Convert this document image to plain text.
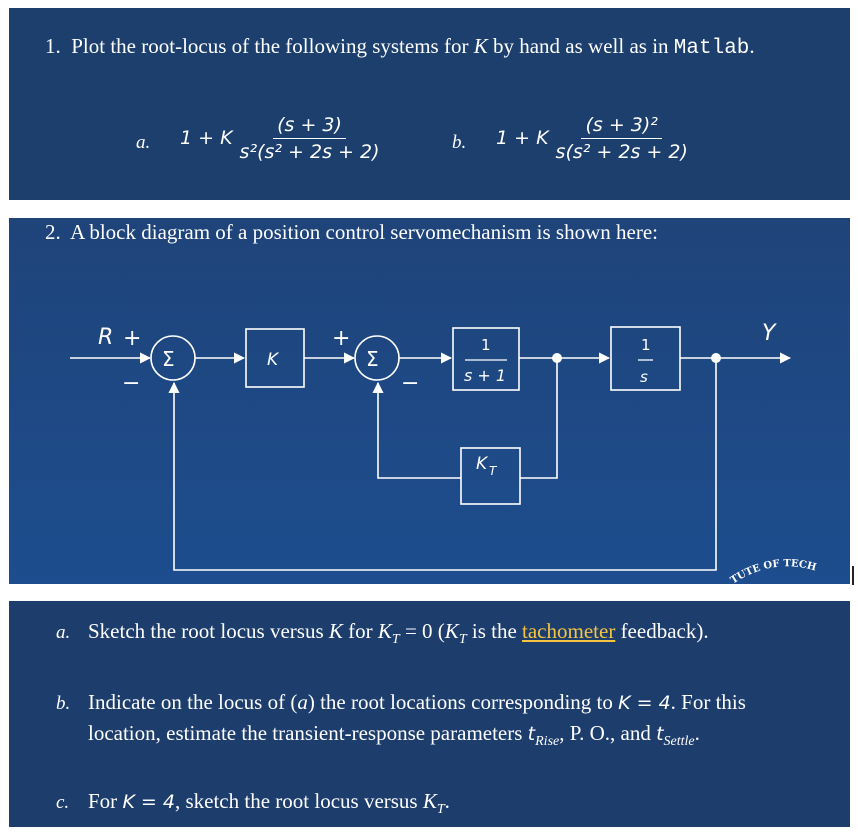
1. Plot the root-locus of the following systems for K by hand as well as in Matlab.
a. 1 + K $\frac{(s + 3)}{\text{s²(s² + 2s + 2)}}$	b. 1 + K $\frac{\text{(s + 3)²}}{\text{s(s² + 2s + 2)}}$
2. A block diagram of a position control servomechanism is shown here:
R	Y
K
K T
1
s + 1
1
s
Σ	Σ
+
−
+
−
TUTE OF TECH
a. Sketch the root locus versus K for $K_T = 0$ ($K_T$ is the tachometer feedback).
b. Indicate on the locus of (a) the root locations corresponding to K = 4. For this
location, estimate the transient-response parameters $t_{Rise}$, P. O., and $t_{Settle}$.
c. For K = 4, sketch the root locus versus $K_T$.
